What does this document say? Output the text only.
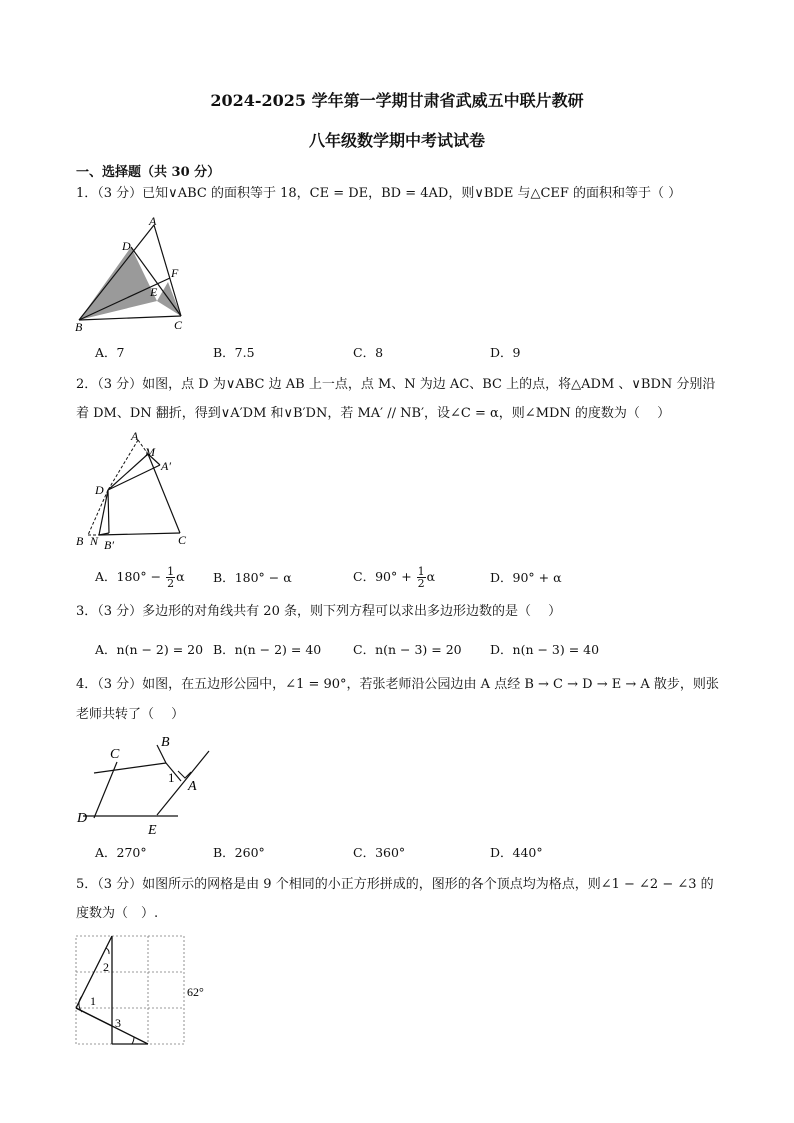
2024-2025 学年第一学期甘肃省武威五中联片教研
八年级数学期中考试试卷
一、选择题（共 30 分）
1．（3 分）已知∨ABC 的面积等于 18，CE = DE，BD = 4AD，则∨BDE 与△CEF 的面积和等于（ ）
A
D
F
E
B	C
A．7	B．7.5	C．8	D．9
2．（3 分）如图，点 D 为∨ABC 边 AB 上一点，点 M、N 为边 AC、BC 上的点，将△ADM 、∨BDN 分别沿
着 DM、DN 翻折，得到∨A′DM 和∨B′DN，若 MA′ // NB′，设∠C = α，则∠MDN 的度数为（　 ）
A
M
A′
D
B N B′	C
A．$180^\circ - \frac{1}{2}$ α B．180° − α	C．$90^\circ + \frac{1}{2}$ α	D．90° + α
3．（3 分）多边形的对角线共有 20 条，则下列方程可以求出多边形边数的是（　 ）
A．n(n − 2) = 20 B．n(n − 2) = 40	C．n(n − 3) = 20 D．n(n − 3) = 40
4．（3 分）如图，在五边形公园中，∠1 = 90°，若张老师沿公园边由 A 点经 B → C → D → E → A 散步，则张
老师共转了（　 ）
C
B
1
A
D
E
A．270°	B．260°	C．360°	D．440°
5．（3 分）如图所示的网格是由 9 个相同的小正方形拼成的，图形的各个顶点均为格点，则∠1 − ∠2 − ∠3 的
度数为（　）.
2
1
3
62°
